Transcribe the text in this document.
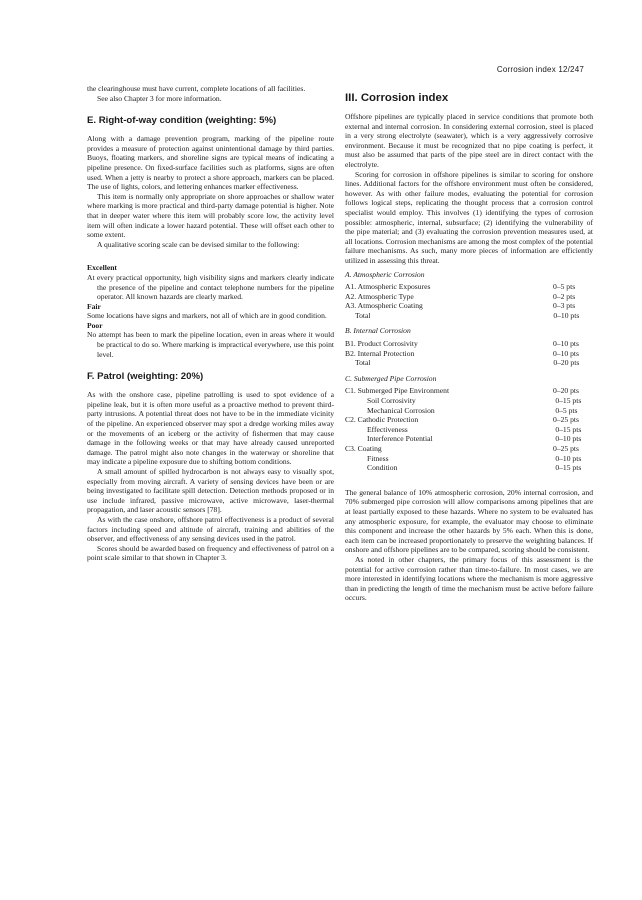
Corrosion index 12/247

the clearinghouse must have current, complete locations of all facilities.

See also Chapter 3 for more information.

E. Right-of-way condition (weighting: 5%)

Along with a damage prevention program, marking of the pipeline route provides a measure of protection against unintentional damage by third parties. Buoys, floating markers, and shoreline signs are typical means of indicating a pipeline presence. On fixed-surface facilities such as platforms, signs are often used. When a jetty is nearby to protect a shore approach, markers can be placed. The use of lights, colors, and lettering enhances marker effectiveness.

This item is normally only appropriate on shore approaches or shallow water where marking is more practical and third-party damage potential is higher. Note that in deeper water where this item will probably score low, the activity level item will often indicate a lower hazard potential. These will offset each other to some extent.

A qualitative scoring scale can be devised similar to the following:

Excellent

At every practical opportunity, high visibility signs and markers clearly indicate the presence of the pipeline and contact telephone numbers for the pipeline operator. All known hazards are clearly marked.

Fair

Some locations have signs and markers, not all of which are in good condition.

Poor

No attempt has been to mark the pipeline location, even in areas where it would be practical to do so. Where marking is impractical everywhere, use this point level.

F. Patrol (weighting: 20%)

As with the onshore case, pipeline patrolling is used to spot evidence of a pipeline leak, but it is often more useful as a proactive method to prevent third-party intrusions. A potential threat does not have to be in the immediate vicinity of the pipeline. An experienced observer may spot a dredge working miles away or the movements of an iceberg or the activity of fishermen that may cause damage in the following weeks or that may have already caused unreported damage. The patrol might also note changes in the waterway or shoreline that may indicate a pipeline exposure due to shifting bottom conditions.

A small amount of spilled hydrocarbon is not always easy to visually spot, especially from moving aircraft. A variety of sensing devices have been or are being investigated to facilitate spill detection. Detection methods proposed or in use include infrared, passive microwave, active microwave, laser-thermal propagation, and laser acoustic sensors [78].

As with the case onshore, offshore patrol effectiveness is a product of several factors including speed and altitude of aircraft, training and abilities of the observer, and effectiveness of any sensing devices used in the patrol.

Scores should be awarded based on frequency and effectiveness of patrol on a point scale similar to that shown in Chapter 3.

III. Corrosion index

Offshore pipelines are typically placed in service conditions that promote both external and internal corrosion. In considering external corrosion, steel is placed in a very strong electrolyte (seawater), which is a very aggressively corrosive environment. Because it must be recognized that no pipe coating is perfect, it must also be assumed that parts of the pipe steel are in direct contact with the electrolyte.

Scoring for corrosion in offshore pipelines is similar to scoring for onshore lines. Additional factors for the offshore environment must often be considered, however. As with other failure modes, evaluating the potential for corrosion follows logical steps, replicating the thought process that a corrosion control specialist would employ. This involves (1) identifying the types of corrosion possible: atmospheric, internal, subsurface; (2) identifying the vulnerability of the pipe material; and (3) evaluating the corrosion prevention measures used, at all locations. Corrosion mechanisms are among the most complex of the potential failure mechanisms. As such, many more pieces of information are efficiently utilized in assessing this threat.

A. Atmospheric Corrosion
A1. Atmospheric Exposures	0–5 pts
A2. Atmospheric Type	0–2 pts
A3. Atmospheric Coating	0–3 pts
Total	0–10 pts
B. Internal Corrosion
B1. Product Corrosivity	0–10 pts
B2. Internal Protection	0–10 pts
Total	0–20 pts
C. Submerged Pipe Corrosion
C1. Submerged Pipe Environment	0–20 pts
Soil Corrosivity	0–15 pts
Mechanical Corrosion	0–5 pts
C2. Cathodic Protection	0–25 pts
Effectiveness	0–15 pts
Interference Potential	0–10 pts
C3. Coating	0–25 pts
Fitness	0–10 pts
Condition	0–15 pts

The general balance of 10% atmospheric corrosion, 20% internal corrosion, and 70% submerged pipe corrosion will allow comparisons among pipelines that are at least partially exposed to these hazards. Where no system to be evaluated has any atmospheric exposure, for example, the evaluator may choose to eliminate this component and increase the other hazards by 5% each. When this is done, each item can be increased proportionately to preserve the weighting balances. If onshore and offshore pipelines are to be compared, scoring should be consistent.

As noted in other chapters, the primary focus of this assessment is the potential for active corrosion rather than time-to-failure. In most cases, we are more interested in identifying locations where the mechanism is more aggressive than in predicting the length of time the mechanism must be active before failure occurs.
